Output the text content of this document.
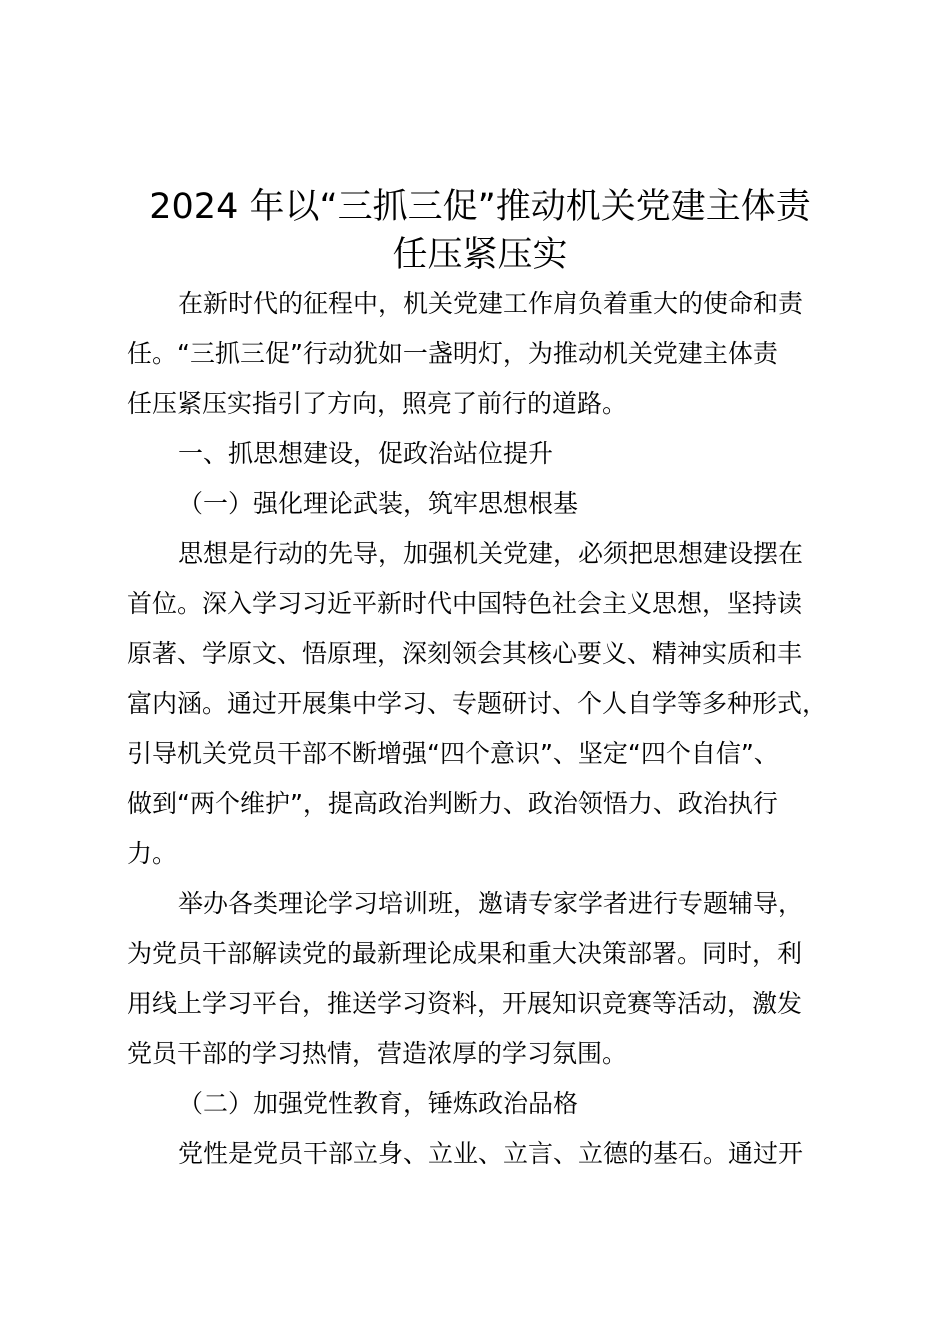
2024 年以“三抓三促”推动机关党建主体责
任压紧压实
在新时代的征程中，机关党建工作肩负着重大的使命和责
任。“三抓三促”行动犹如一盏明灯，为推动机关党建主体责
任压紧压实指引了方向，照亮了前行的道路。
一、抓思想建设，促政治站位提升
（一）强化理论武装，筑牢思想根基
思想是行动的先导，加强机关党建，必须把思想建设摆在
首位。深入学习习近平新时代中国特色社会主义思想，坚持读
原著、学原文、悟原理，深刻领会其核心要义、精神实质和丰
富内涵。通过开展集中学习、专题研讨、个人自学等多种形式，
引导机关党员干部不断增强“四个意识”、坚定“四个自信”、
做到“两个维护”，提高政治判断力、政治领悟力、政治执行
力。
举办各类理论学习培训班，邀请专家学者进行专题辅导，
为党员干部解读党的最新理论成果和重大决策部署。同时，利
用线上学习平台，推送学习资料，开展知识竞赛等活动，激发
党员干部的学习热情，营造浓厚的学习氛围。
（二）加强党性教育，锤炼政治品格
党性是党员干部立身、立业、立言、立德的基石。通过开
